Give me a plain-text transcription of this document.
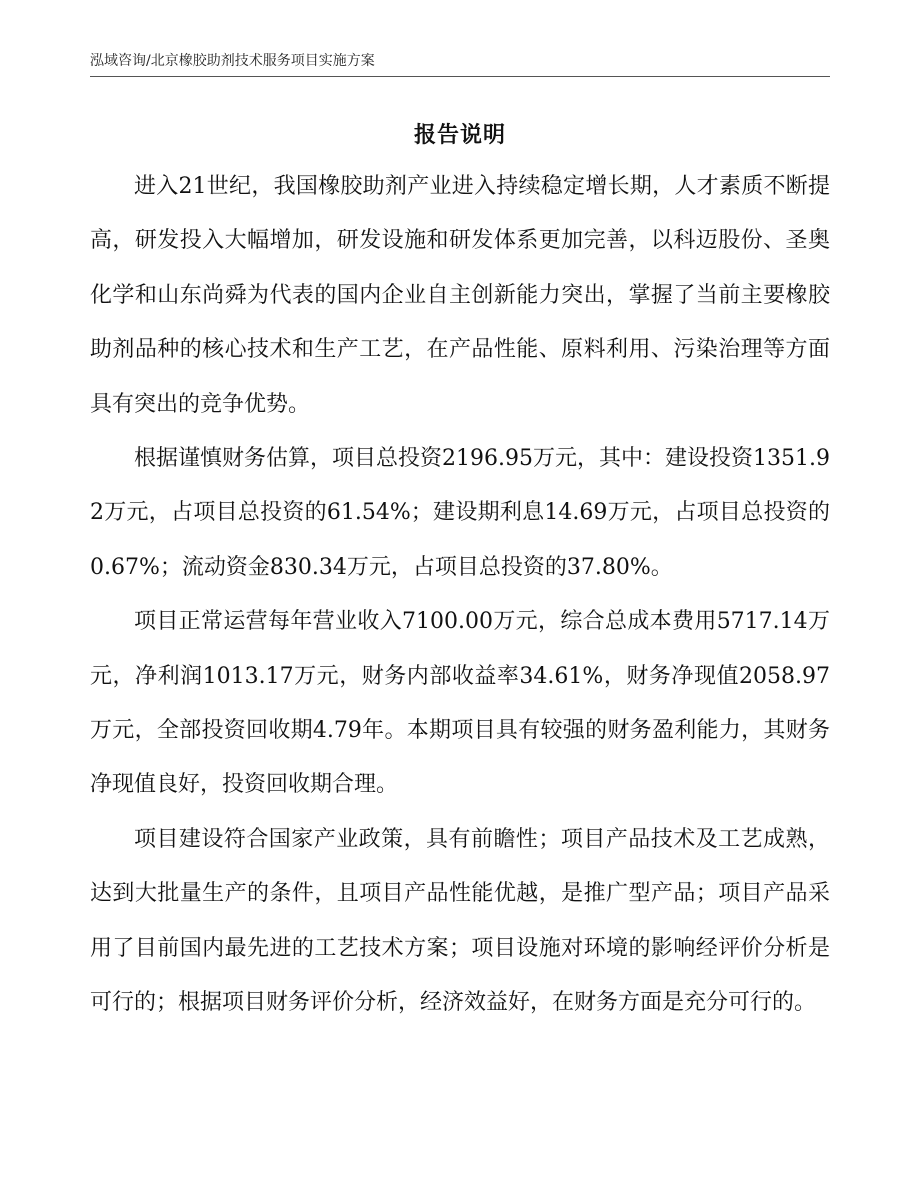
泓域咨询/北京橡胶助剂技术服务项目实施方案
报告说明

进入21世纪，我国橡胶助剂产业进入持续稳定增长期，人才素质不断提高，研发投入大幅增加，研发设施和研发体系更加完善，以科迈股份、圣奥化学和山东尚舜为代表的国内企业自主创新能力突出，掌握了当前主要橡胶助剂品种的核心技术和生产工艺，在产品性能、原料利用、污染治理等方面具有突出的竞争优势。

根据谨慎财务估算，项目总投资2196.95万元，其中：建设投资1351.92万元，占项目总投资的61.54%；建设期利息14.69万元，占项目总投资的0.67%；流动资金830.34万元，占项目总投资的37.80%。

项目正常运营每年营业收入7100.00万元，综合总成本费用5717.14万元，净利润1013.17万元，财务内部收益率34.61%，财务净现值2058.97万元，全部投资回收期4.79年。本期项目具有较强的财务盈利能力，其财务净现值良好，投资回收期合理。

项目建设符合国家产业政策，具有前瞻性；项目产品技术及工艺成熟，达到大批量生产的条件，且项目产品性能优越，是推广型产品；项目产品采用了目前国内最先进的工艺技术方案；项目设施对环境的影响经评价分析是可行的；根据项目财务评价分析，经济效益好，在财务方面是充分可行的。
